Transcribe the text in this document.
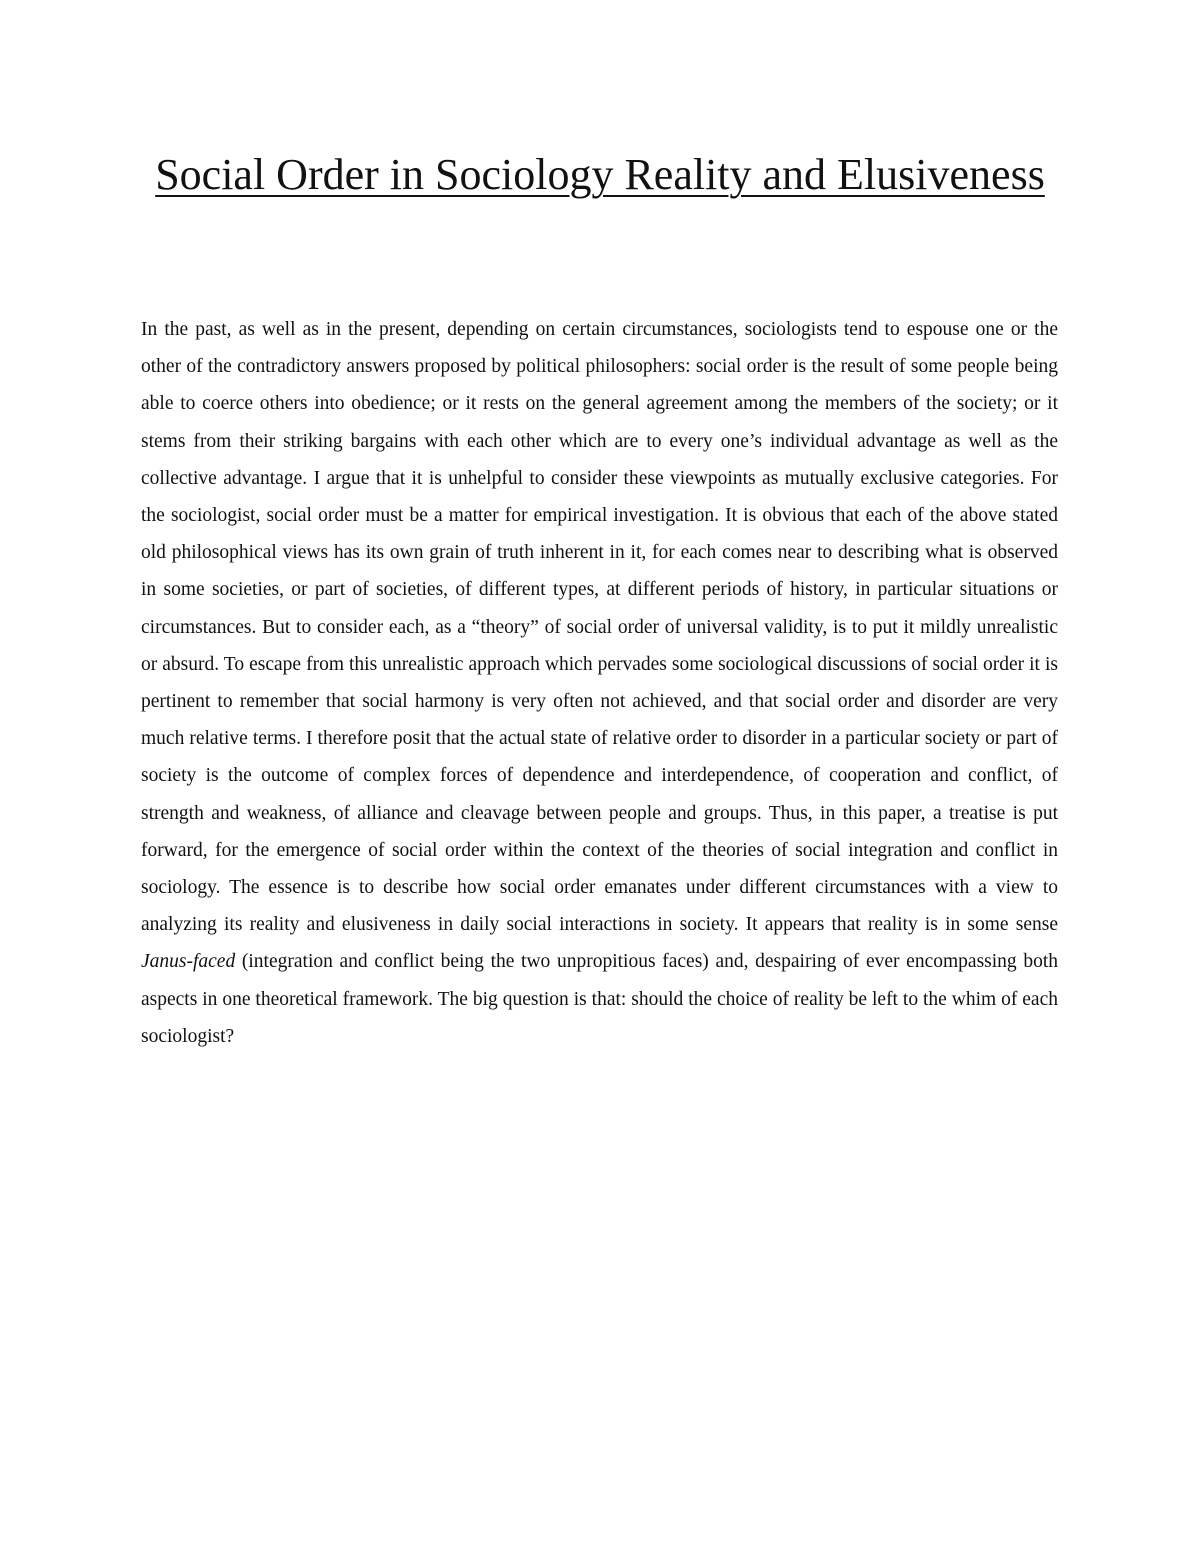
Social Order in Sociology Reality and Elusiveness

In the past, as well as in the present, depending on certain circumstances, sociologists tend to espouse one or the other of the contradictory answers proposed by political philosophers: social order is the result of some people being able to coerce others into obedience; or it rests on the general agreement among the members of the society; or it stems from their striking bargains with each other which are to every one’s individual advantage as well as the collective advantage. I argue that it is unhelpful to consider these viewpoints as mutually exclusive categories. For the sociologist, social order must be a matter for empirical investigation. It is obvious that each of the above stated old philosophical views has its own grain of truth inherent in it, for each comes near to describing what is observed in some societies, or part of societies, of different types, at different periods of history, in particular situations or circumstances. But to consider each, as a “theory” of social order of universal validity, is to put it mildly unrealistic or absurd. To escape from this unrealistic approach which pervades some sociological discussions of social order it is pertinent to remember that social harmony is very often not achieved, and that social order and disorder are very much relative terms. I therefore posit that the actual state of relative order to disorder in a particular society or part of society is the outcome of complex forces of dependence and interdependence, of cooperation and conflict, of strength and weakness, of alliance and cleavage between people and groups. Thus, in this paper, a treatise is put forward, for the emergence of social order within the context of the theories of social integration and conflict in sociology. The essence is to describe how social order emanates under different circumstances with a view to analyzing its reality and elusiveness in daily social interactions in society. It appears that reality is in some sense Janus-faced (integration and conflict being the two unpropitious faces) and, despairing of ever encompassing both aspects in one theoretical framework. The big question is that: should the choice of reality be left to the whim of each sociologist?
